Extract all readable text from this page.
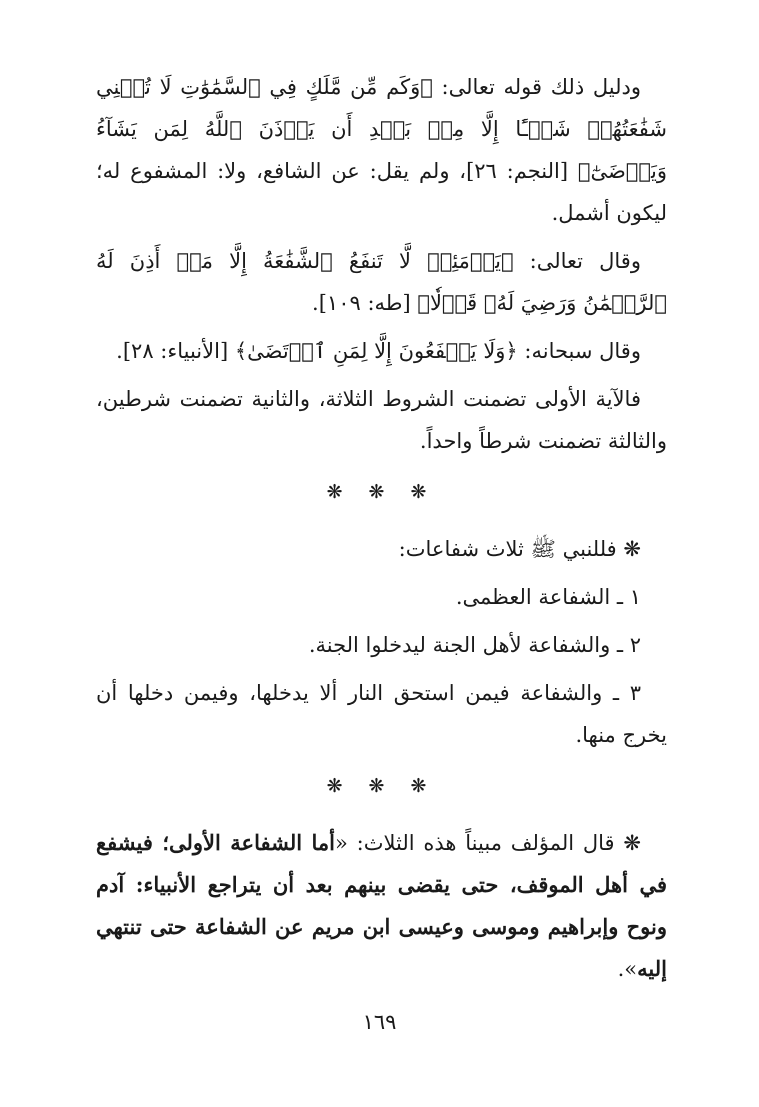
ودليل ذلك قوله تعالى: ﴿وَكَم مِّن مَّلَكٍ فِي ٱلسَّمَٰوَٰتِ لَا تُغۡنِي شَفَٰعَتُهُمۡ شَيۡـًٔا إِلَّا مِنۢ بَعۡدِ أَن يَأۡذَنَ ٱللَّهُ لِمَن يَشَآءُ وَيَرۡضَىٰٓ﴾ [النجم: ٢٦]، ولم يقل: عن الشافع، ولا: المشفوع له؛ ليكون أشمل.

وقال تعالى: ﴿يَوۡمَئِذٖ لَّا تَنفَعُ ٱلشَّفَٰعَةُ إِلَّا مَنۡ أَذِنَ لَهُ ٱلرَّحۡمَٰنُ وَرَضِيَ لَهُۥ قَوۡلٗا﴾ [طه: ١٠٩].

وقال سبحانه: ﴿وَلَا يَشۡفَعُونَ إِلَّا لِمَنِ ٱرۡتَضَىٰ﴾ [الأنبياء: ٢٨].

فالآية الأولى تضمنت الشروط الثلاثة، والثانية تضمنت شرطين، والثالثة تضمنت شرطاً واحداً.

❋ ❋ ❋

❋ فللنبي ﷺ ثلاث شفاعات:

١ ـ الشفاعة العظمى.

٢ ـ والشفاعة لأهل الجنة ليدخلوا الجنة.

٣ ـ والشفاعة فيمن استحق النار ألا يدخلها، وفيمن دخلها أن يخرج منها.

❋ ❋ ❋

❋ قال المؤلف مبيناً هذه الثلاث: «أما الشفاعة الأولى؛ فيشفع في أهل الموقف، حتى يقضى بينهم بعد أن يتراجع الأنبياء: آدم ونوح وإبراهيم وموسى وعيسى ابن مريم عن الشفاعة حتى تنتهي إليه».

١٦٩
